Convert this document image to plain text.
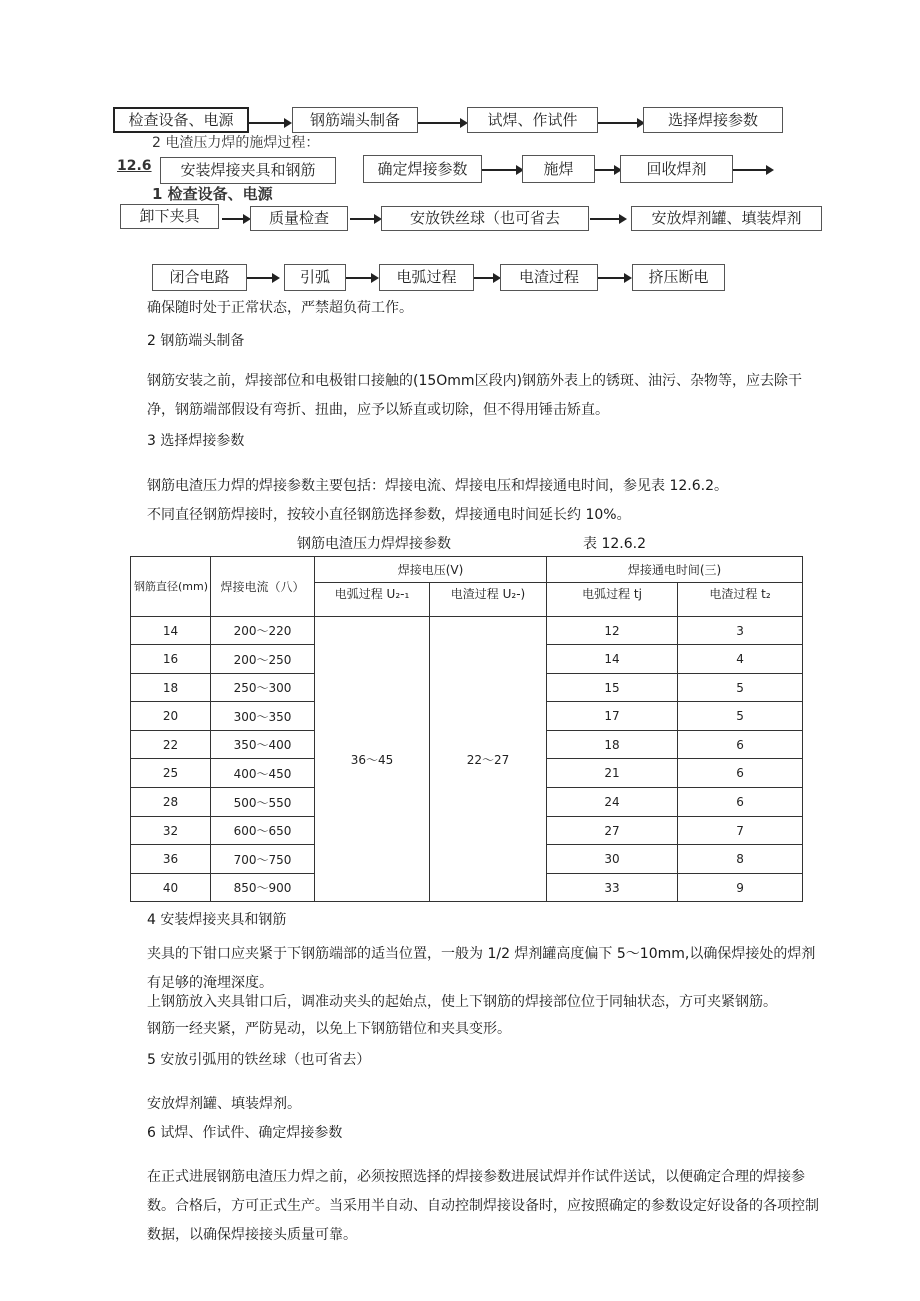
2 电渣压力焊的施焊过程：
12.6
1 检查设备、电源
检查设备、电源	钢筋端头制备	试焊、作试件	选择焊接参数
安装焊接夹具和钢筋	确定焊接参数	施焊	回收焊剂
卸下夹具	质量检查	安放铁丝球（也可省去	安放焊剂罐、填装焊剂
闭合电路	引弧	电弧过程	电渣过程	挤压断电
确保随时处于正常状态，严禁超负荷工作。
2 钢筋端头制备
钢筋安装之前，焊接部位和电极钳口接触的(15Omm区段内)钢筋外表上的锈斑、油污、杂物等，应去除干净，钢筋端部假设有弯折、扭曲，应予以矫直或切除，但不得用锤击矫直。
3 选择焊接参数
钢筋电渣压力焊的焊接参数主要包括：焊接电流、焊接电压和焊接通电时间，参见表 12.6.2。
不同直径钢筋焊接时，按较小直径钢筋选择参数，焊接通电时间延长约 10%。
钢筋电渣压力焊焊接参数	表 12.6.2
钢筋直径(mm)	焊接电流（八）	焊接电压(V)		焊接通电时间(三)	
		电弧过程 U₂-₁	电渣过程 U₂-)	电弧过程 tj	电渣过程 t₂
14	200～220	36～45	22～27	12	3
16	200～250			14	4
18	250～300			15	5
20	300～350			17	5
22	350～400			18	6
25	400～450			21	6
28	500～550			24	6
32	600～650			27	7
36	700～750			30	8
40	850～900			33	9
4 安装焊接夹具和钢筋
夹具的下钳口应夹紧于下钢筋端部的适当位置，一般为 1/2 焊剂罐高度偏下 5～10mm,以确保焊接处的焊剂有足够的淹埋深度。
上钢筋放入夹具钳口后，调准动夹头的起始点，使上下钢筋的焊接部位位于同轴状态，方可夹紧钢筋。
钢筋一经夹紧，严防晃动，以免上下钢筋错位和夹具变形。
5 安放引弧用的铁丝球（也可省去）
安放焊剂罐、填装焊剂。
6 试焊、作试件、确定焊接参数
在正式进展钢筋电渣压力焊之前，必须按照选择的焊接参数进展试焊并作试件送试，以便确定合理的焊接参数。合格后，方可正式生产。当采用半自动、自动控制焊接设备时，应按照确定的参数设定好设备的各项控制数据，以确保焊接接头质量可靠。
